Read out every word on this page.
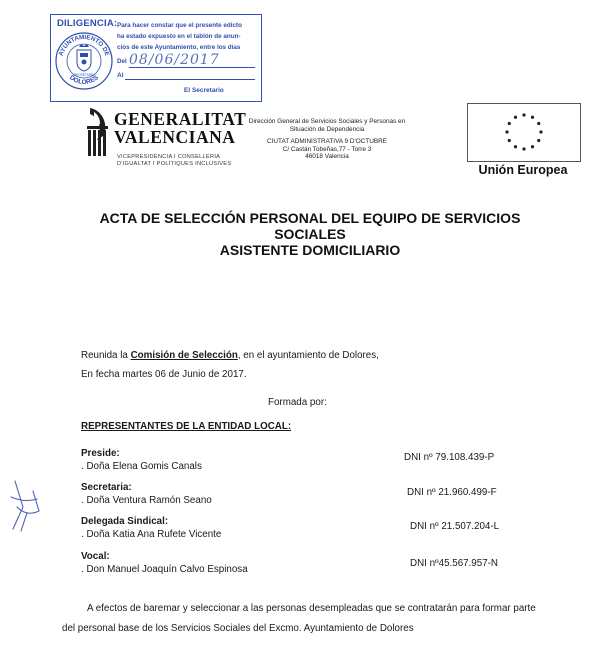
DILIGENCIA:
AYUNTAMIENTO DE
DOLORES
SECRETARÍA
Para hacer constar que el presente edicto
ha estado expuesto en el tablón de anun-
cios de este Ayuntamiento, entre los días
Del 08/06/2017
Al
El Secretario
GENERALITAT
VALENCIANA
VICEPRESIDÈNCIA I CONSELLERIA
D'IGUALTAT I POLÍTIQUES INCLUSIVES
Dirección General de Servicios Sociales y Personas en
Situación de Dependencia
CIUTAT ADMINISTRATIVA 9 D'OCTUBRE
C/ Castán Tobeñas,77 - Torre 3
46018 Valencia
Unión Europea
ACTA DE SELECCIÓN PERSONAL DEL EQUIPO DE SERVICIOS
SOCIALES
ASISTENTE DOMICILIARIO
Reunida la Comisión de Selección, en el ayuntamiento de Dolores,
En fecha martes 06 de Junio de 2017.
Formada por:
REPRESENTANTES DE LA ENTIDAD LOCAL:
Preside:
. Doña Elena Gomis Canals
DNI nº 79.108.439-P
Secretaria:
. Doña Ventura Ramón Seano
DNI nº 21.960.499-F
Delegada Sindical:
. Doña Katia Ana Rufete Vicente
DNI nº 21.507.204-L
Vocal:
. Don Manuel Joaquín Calvo Espinosa
DNI nº45.567.957-N
A efectos de baremar y seleccionar a las personas desempleadas que se contratarán para formar parte
del personal base de los Servicios Sociales del Excmo. Ayuntamiento de Dolores
